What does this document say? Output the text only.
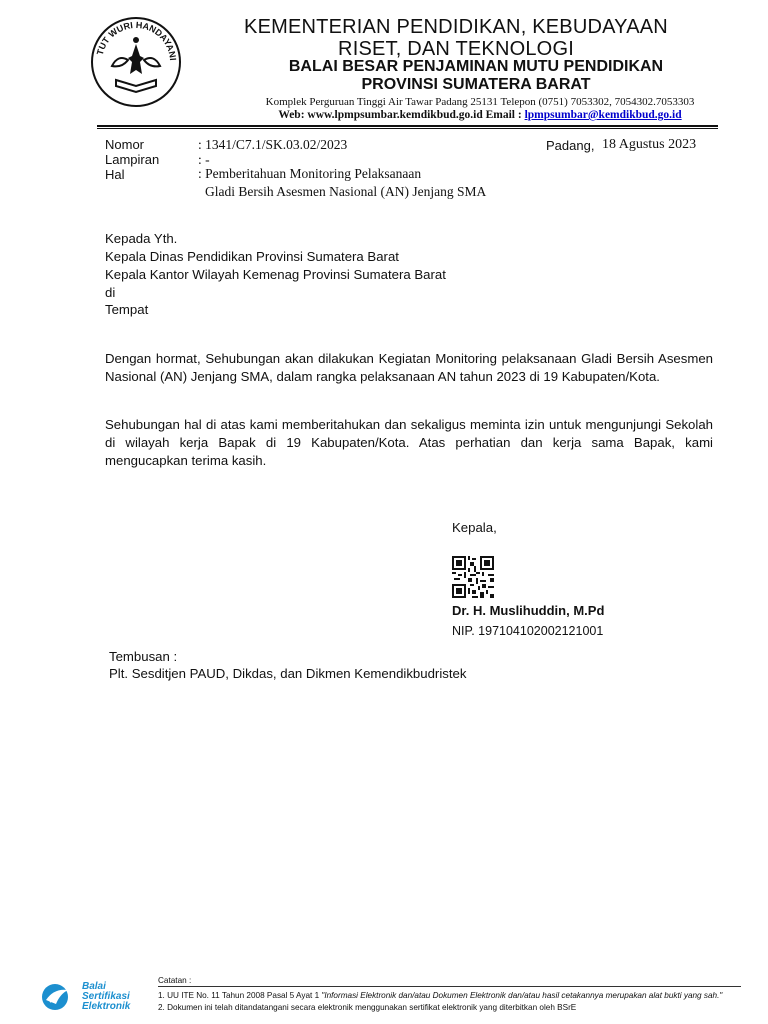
TUT WURI HANDAYANI
KEMENTERIAN PENDIDIKAN, KEBUDAYAAN
RISET, DAN TEKNOLOGI
BALAI BESAR PENJAMINAN MUTU PENDIDIKAN
PROVINSI SUMATERA BARAT
Komplek Perguruan Tinggi Air Tawar Padang 25131 Telepon (0751) 7053302, 7054302.7053303
Web: www.lpmpsumbar.kemdikbud.go.id Email : lpmpsumbar@kemdikbud.go.id
Nomor	: 1341/C7.1/SK.03.02/2023
Lampiran	: -
Hal	: Pemberitahuan Monitoring Pelaksanaan
Gladi Bersih Asesmen Nasional (AN) Jenjang SMA
Padang, 18 Agustus 2023
Kepada Yth.
Kepala Dinas Pendidikan Provinsi Sumatera Barat
Kepala Kantor Wilayah Kemenag Provinsi Sumatera Barat
di
Tempat
Dengan hormat, Sehubungan akan dilakukan Kegiatan Monitoring pelaksanaan Gladi Bersih Asesmen Nasional (AN) Jenjang SMA, dalam rangka pelaksanaan AN tahun 2023 di 19 Kabupaten/Kota.
Sehubungan hal di atas kami memberitahukan dan sekaligus meminta izin untuk mengunjungi Sekolah di wilayah kerja Bapak di 19 Kabupaten/Kota. Atas perhatian dan kerja sama Bapak, kami mengucapkan terima kasih.
Kepala,
Dr. H. Muslihuddin, M.Pd
NIP. 197104102002121001
Tembusan :
Plt. Sesditjen PAUD, Dikdas, dan Dikmen Kemendikbudristek
Balai
Sertifikasi
Elektronik
Catatan :
1. UU ITE No. 11 Tahun 2008 Pasal 5 Ayat 1 "Informasi Elektronik dan/atau Dokumen Elektronik dan/atau hasil cetakannya merupakan alat bukti yang sah."
2. Dokumen ini telah ditandatangani secara elektronik menggunakan sertifikat elektronik yang diterbitkan oleh BSrE
